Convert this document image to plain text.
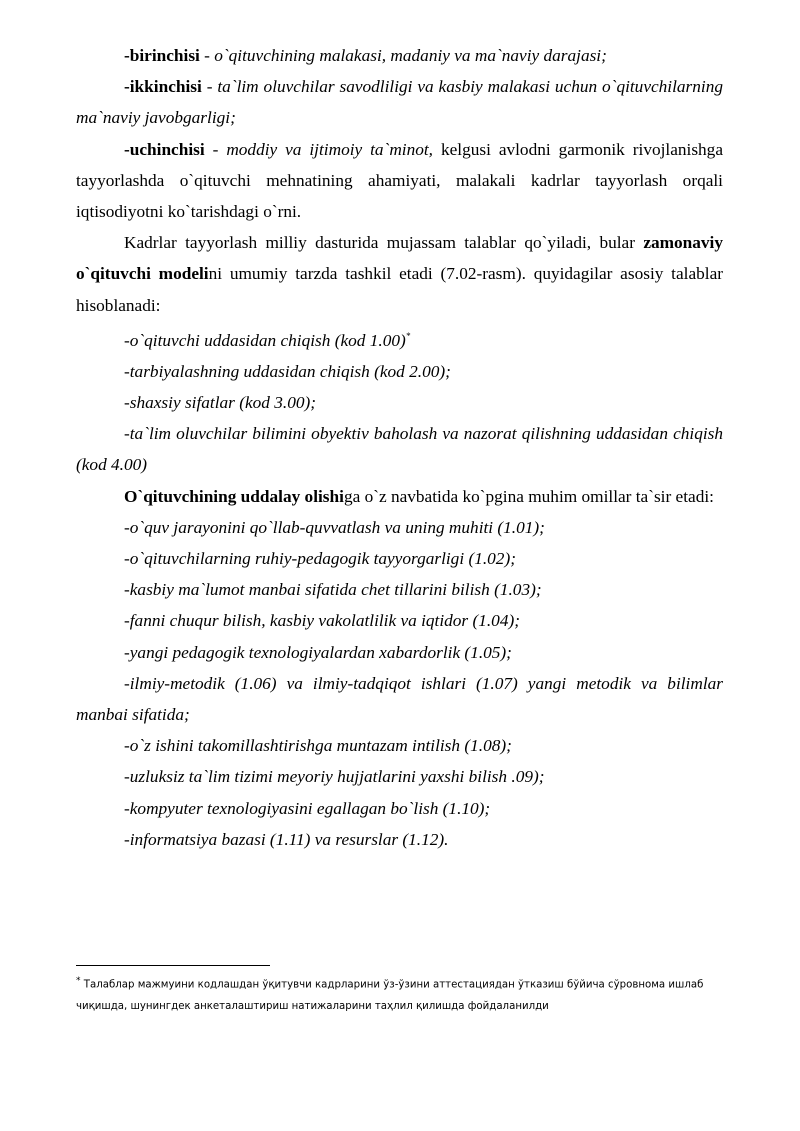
-birinchisi - o`qituvchining malakasi, madaniy va ma`naviy darajasi;

-ikkinchisi - ta`lim oluvchilar savodliligi va kasbiy malakasi uchun o`qituvchilarning ma`naviy javobgarligi;

-uchinchisi - moddiy va ijtimoiy ta`minot, kelgusi avlodni garmonik rivojlanishga tayyorlashda o`qituvchi mehnatining ahamiyati, malakali kadrlar tayyorlash orqali iqtisodiyotni ko`tarishdagi o`rni.

Kadrlar tayyorlash milliy dasturida mujassam talablar qo`yiladi, bular zamonaviy o`qituvchi modelini umumiy tarzda tashkil etadi (7.02-rasm). quyidagilar asosiy talablar hisoblanadi:

-o`qituvchi uddasidan chiqish (kod 1.00)*

-tarbiyalashning uddasidan chiqish (kod 2.00);

-shaxsiy sifatlar (kod 3.00);

-ta`lim oluvchilar bilimini obyektiv baholash va nazorat qilishning uddasidan chiqish (kod 4.00)

O`qituvchining uddalay olishiga o`z navbatida ko`pgina muhim omillar ta`sir etadi:

-o`quv jarayonini qo`llab-quvvatlash va uning muhiti (1.01);

-o`qituvchilarning ruhiy-pedagogik tayyorgarligi (1.02);

-kasbiy ma`lumot manbai sifatida chet tillarini bilish (1.03);

-fanni chuqur bilish, kasbiy vakolatlilik va iqtidor (1.04);

-yangi pedagogik texnologiyalardan xabardorlik (1.05);

-ilmiy-metodik (1.06) va ilmiy-tadqiqot ishlari (1.07) yangi metodik va bilimlar manbai sifatida;

-o`z ishini takomillashtirishga muntazam intilish (1.08);

-uzluksiz ta`lim tizimi meyoriy hujjatlarini yaxshi bilish .09);

-kompyuter texnologiyasini egallagan bo`lish (1.10);

-informatsiya bazasi (1.11) va resurslar (1.12).

* Талаблар мажмуини кодлашдан ўқитувчи кадрларини ўз-ўзини аттестациядан ўтказиш бўйича сўровнома ишлаб чиқишда, шунингдек анкеталаштириш натижаларини таҳлил қилишда фойдаланилди
